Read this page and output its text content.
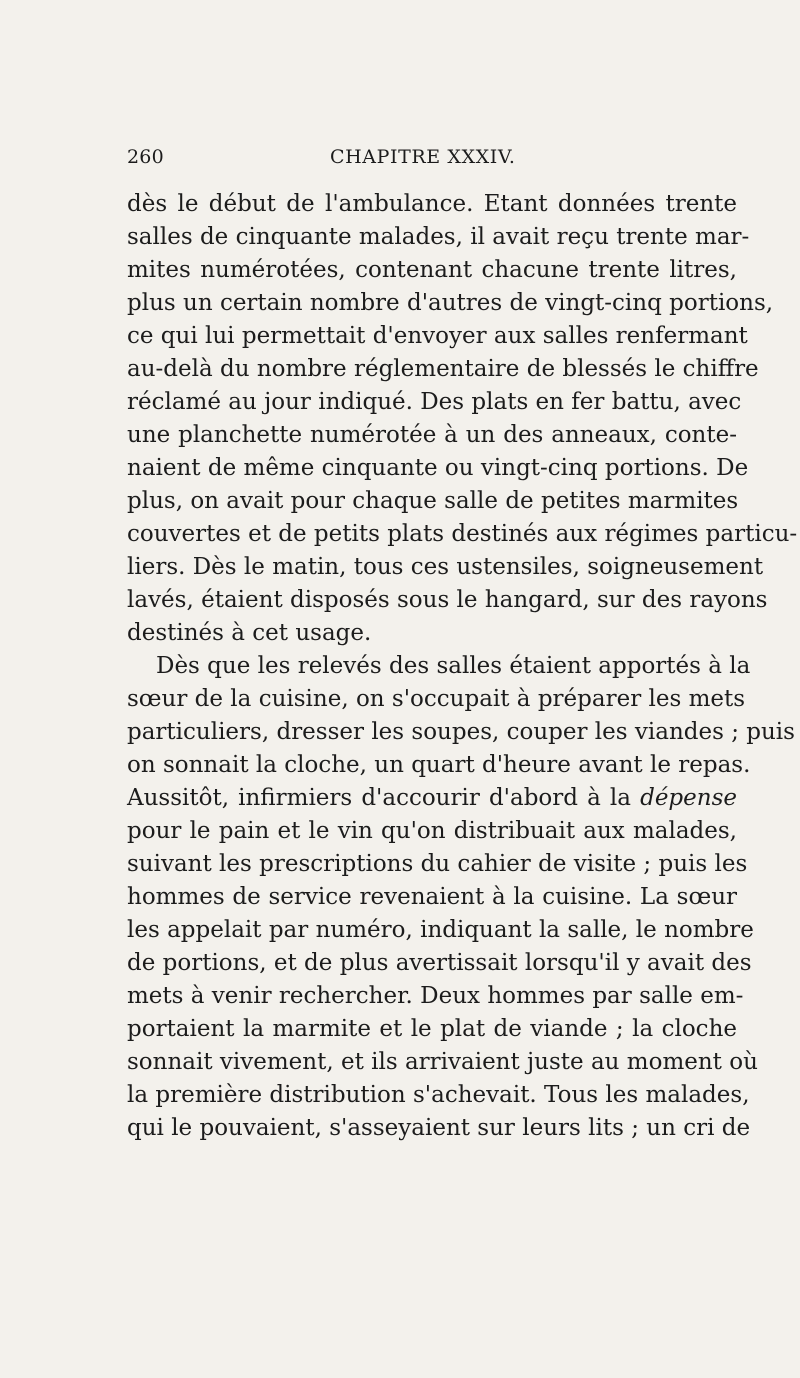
260	CHAPITRE XXXIV.
dès le début de l'ambulance. Etant données trente
salles de cinquante malades, il avait reçu trente mar-
mites numérotées, contenant chacune trente litres,
plus un certain nombre d'autres de vingt-cinq portions,
ce qui lui permettait d'envoyer aux salles renfermant
au-delà du nombre réglementaire de blessés le chiffre
réclamé au jour indiqué. Des plats en fer battu, avec
une planchette numérotée à un des anneaux, conte-
naient de même cinquante ou vingt-cinq portions. De
plus, on avait pour chaque salle de petites marmites
couvertes et de petits plats destinés aux régimes particu-
liers. Dès le matin, tous ces ustensiles, soigneusement
lavés, étaient disposés sous le hangard, sur des rayons
destinés à cet usage.
Dès que les relevés des salles étaient apportés à la
sœur de la cuisine, on s'occupait à préparer les mets
particuliers, dresser les soupes, couper les viandes ; puis
on sonnait la cloche, un quart d'heure avant le repas.
Aussitôt, infirmiers d'accourir d'abord à la dépense
pour le pain et le vin qu'on distribuait aux malades,
suivant les prescriptions du cahier de visite ; puis les
hommes de service revenaient à la cuisine. La sœur
les appelait par numéro, indiquant la salle, le nombre
de portions, et de plus avertissait lorsqu'il y avait des
mets à venir rechercher. Deux hommes par salle em-
portaient la marmite et le plat de viande ; la cloche
sonnait vivement, et ils arrivaient juste au moment où
la première distribution s'achevait. Tous les malades,
qui le pouvaient, s'asseyaient sur leurs lits ; un cri de
